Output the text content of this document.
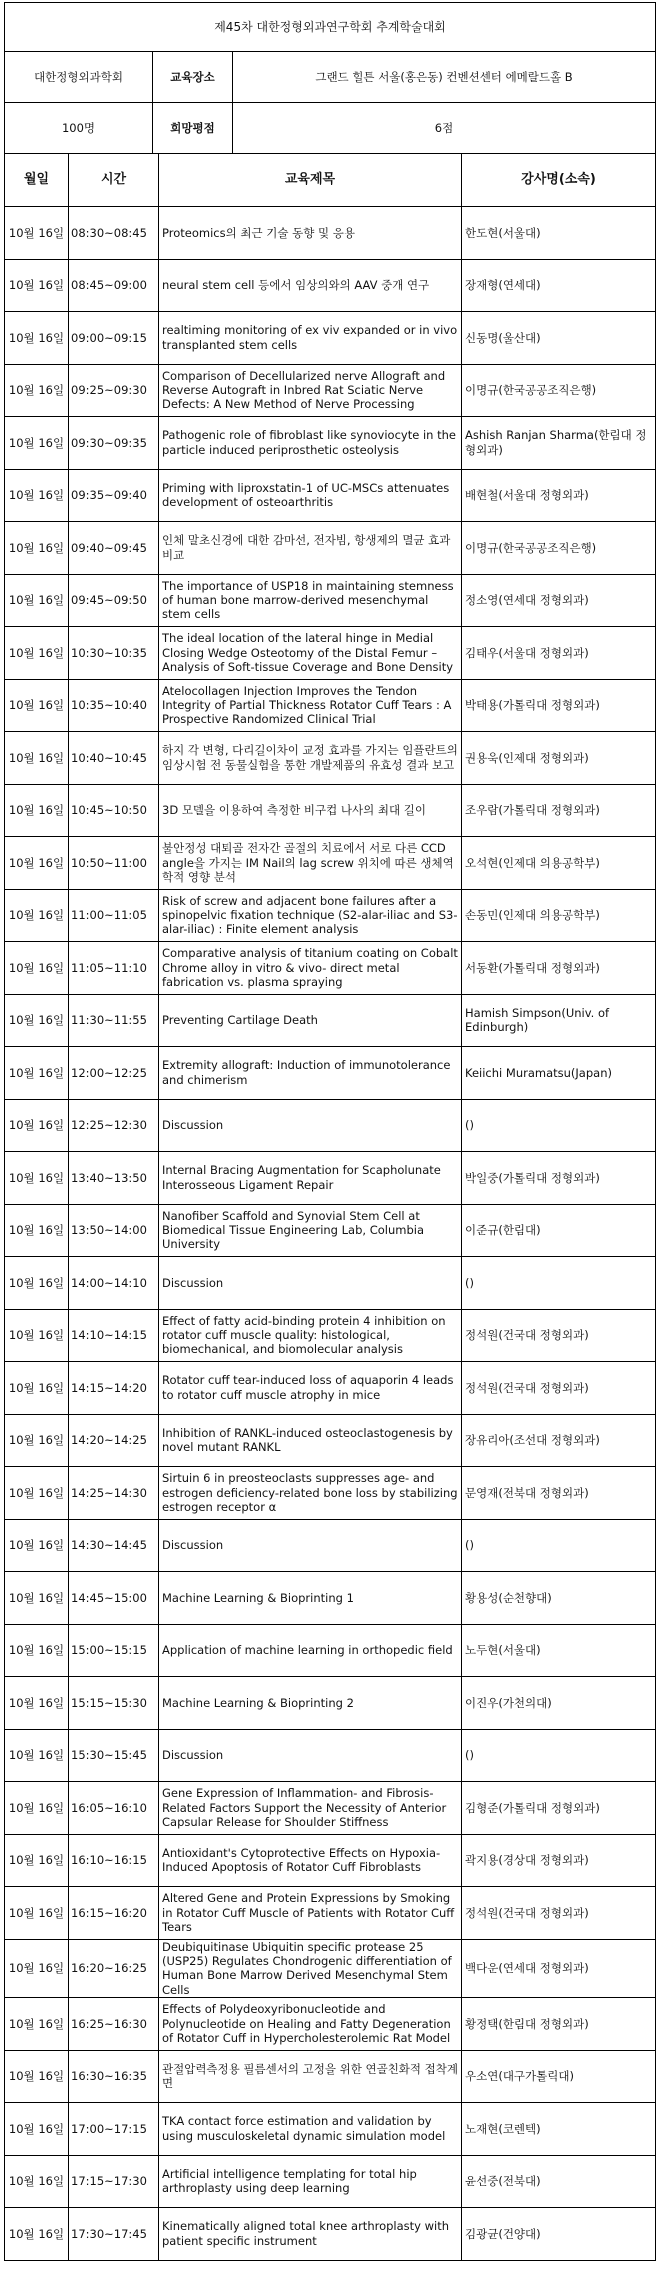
제45차 대한정형외과연구학회 추계학술대회		
대한정형외과학회	교육장소	그랜드 힐튼 서울(홍은동) 컨벤션센터 에메랄드홀 B
100명	희망평점	6점
월일	시간	교육제목	강사명(소속)
10월 16일	08:30~08:45	Proteomics의 최근 기술 동향 및 응용	한도현(서울대)
10월 16일	08:45~09:00	neural stem cell 등에서 임상의와의 AAV 중개 연구	장재형(연세대)
10월 16일	09:00~09:15	realtiming monitoring of ex viv expanded or in vivo transplanted stem cells	신동명(울산대)
10월 16일	09:25~09:30	Comparison of Decellularized nerve Allograft and Reverse Autograft in Inbred Rat Sciatic Nerve Defects: A New Method of Nerve Processing	이명규(한국공공조직은행)
10월 16일	09:30~09:35	Pathogenic role of fibroblast like synoviocyte in the particle induced periprosthetic osteolysis	Ashish Ranjan Sharma(한림대 정형외과)
10월 16일	09:35~09:40	Priming with liproxstatin-1 of UC-MSCs attenuates development of osteoarthritis	배현철(서울대 정형외과)
10월 16일	09:40~09:45	인체 말초신경에 대한 감마선, 전자빔, 항생제의 멸균 효과 비교	이명규(한국공공조직은행)
10월 16일	09:45~09:50	The importance of USP18 in maintaining stemness of human bone marrow-derived mesenchymal stem cells	정소영(연세대 정형외과)
10월 16일	10:30~10:35	The ideal location of the lateral hinge in Medial Closing Wedge Osteotomy of the Distal Femur – Analysis of Soft-tissue Coverage and Bone Density	김태우(서울대 정형외과)
10월 16일	10:35~10:40	Atelocollagen Injection Improves the Tendon Integrity of Partial Thickness Rotator Cuff Tears : A Prospective Randomized Clinical Trial	박태용(가톨릭대 정형외과)
10월 16일	10:40~10:45	하지 각 변형, 다리길이차이 교정 효과를 가지는 임플란트의 임상시험 전 동물실험을 통한 개발제품의 유효성 결과 보고	권용욱(인제대 정형외과)
10월 16일	10:45~10:50	3D 모델을 이용하여 측정한 비구컵 나사의 최대 길이	조우람(가톨릭대 정형외과)
10월 16일	10:50~11:00	불안정성 대퇴골 전자간 골절의 치료에서 서로 다른 CCD angle을 가지는 IM Nail의 lag screw 위치에 따른 생체역학적 영향 분석	오석현(인제대 의용공학부)
10월 16일	11:00~11:05	Risk of screw and adjacent bone failures after a spinopelvic fixation technique (S2-alar-iliac and S3-alar-iliac) : Finite element analysis	손동민(인제대 의용공학부)
10월 16일	11:05~11:10	Comparative analysis of titanium coating on Cobalt Chrome alloy in vitro & vivo- direct metal fabrication vs. plasma spraying	서동환(가톨릭대 정형외과)
10월 16일	11:30~11:55	Preventing Cartilage Death	Hamish Simpson(Univ. of Edinburgh)
10월 16일	12:00~12:25	Extremity allograft: Induction of immunotolerance and chimerism	Keiichi Muramatsu(Japan)
10월 16일	12:25~12:30	Discussion	()
10월 16일	13:40~13:50	Internal Bracing Augmentation for Scapholunate Interosseous Ligament Repair	박일중(가톨릭대 정형외과)
10월 16일	13:50~14:00	Nanofiber Scaffold and Synovial Stem Cell at Biomedical Tissue Engineering Lab, Columbia University	이준규(한림대)
10월 16일	14:00~14:10	Discussion	()
10월 16일	14:10~14:15	Effect of fatty acid-binding protein 4 inhibition on rotator cuff muscle quality: histological, biomechanical, and biomolecular analysis	정석원(건국대 정형외과)
10월 16일	14:15~14:20	Rotator cuff tear-induced loss of aquaporin 4 leads to rotator cuff muscle atrophy in mice	정석원(건국대 정형외과)
10월 16일	14:20~14:25	Inhibition of RANKL-induced osteoclastogenesis by novel mutant RANKL	장유리아(조선대 정형외과)
10월 16일	14:25~14:30	Sirtuin 6 in preosteoclasts suppresses age- and estrogen deficiency-related bone loss by stabilizing estrogen receptor α	문영재(전북대 정형외과)
10월 16일	14:30~14:45	Discussion	()
10월 16일	14:45~15:00	Machine Learning & Bioprinting 1	황용성(순천향대)
10월 16일	15:00~15:15	Application of machine learning in orthopedic field	노두현(서울대)
10월 16일	15:15~15:30	Machine Learning & Bioprinting 2	이진우(가천의대)
10월 16일	15:30~15:45	Discussion	()
10월 16일	16:05~16:10	Gene Expression of Inflammation- and Fibrosis-Related Factors Support the Necessity of Anterior Capsular Release for Shoulder Stiffness	김형준(가톨릭대 정형외과)
10월 16일	16:10~16:15	Antioxidant's Cytoprotective Effects on Hypoxia-Induced Apoptosis of Rotator Cuff Fibroblasts	곽지용(경상대 정형외과)
10월 16일	16:15~16:20	Altered Gene and Protein Expressions by Smoking in Rotator Cuff Muscle of Patients with Rotator Cuff Tears	정석원(건국대 정형외과)
10월 16일	16:20~16:25	Deubiquitinase Ubiquitin specific protease 25 (USP25) Regulates Chondrogenic differentiation of Human Bone Marrow Derived Mesenchymal Stem Cells	백다운(연세대 정형외과)
10월 16일	16:25~16:30	Effects of Polydeoxyribonucleotide and Polynucleotide on Healing and Fatty Degeneration of Rotator Cuff in Hypercholesterolemic Rat Model	황정택(한림대 정형외과)
10월 16일	16:30~16:35	관절압력측정용 필름센서의 고정을 위한 연골친화적 접착계면	우소연(대구가톨릭대)
10월 16일	17:00~17:15	TKA contact force estimation and validation by using musculoskeletal dynamic simulation model	노재현(코렌텍)
10월 16일	17:15~17:30	Artificial intelligence templating for total hip arthroplasty using deep learning	윤선중(전북대)
10월 16일	17:30~17:45	Kinematically aligned total knee arthroplasty with patient specific instrument	김광균(건양대)
